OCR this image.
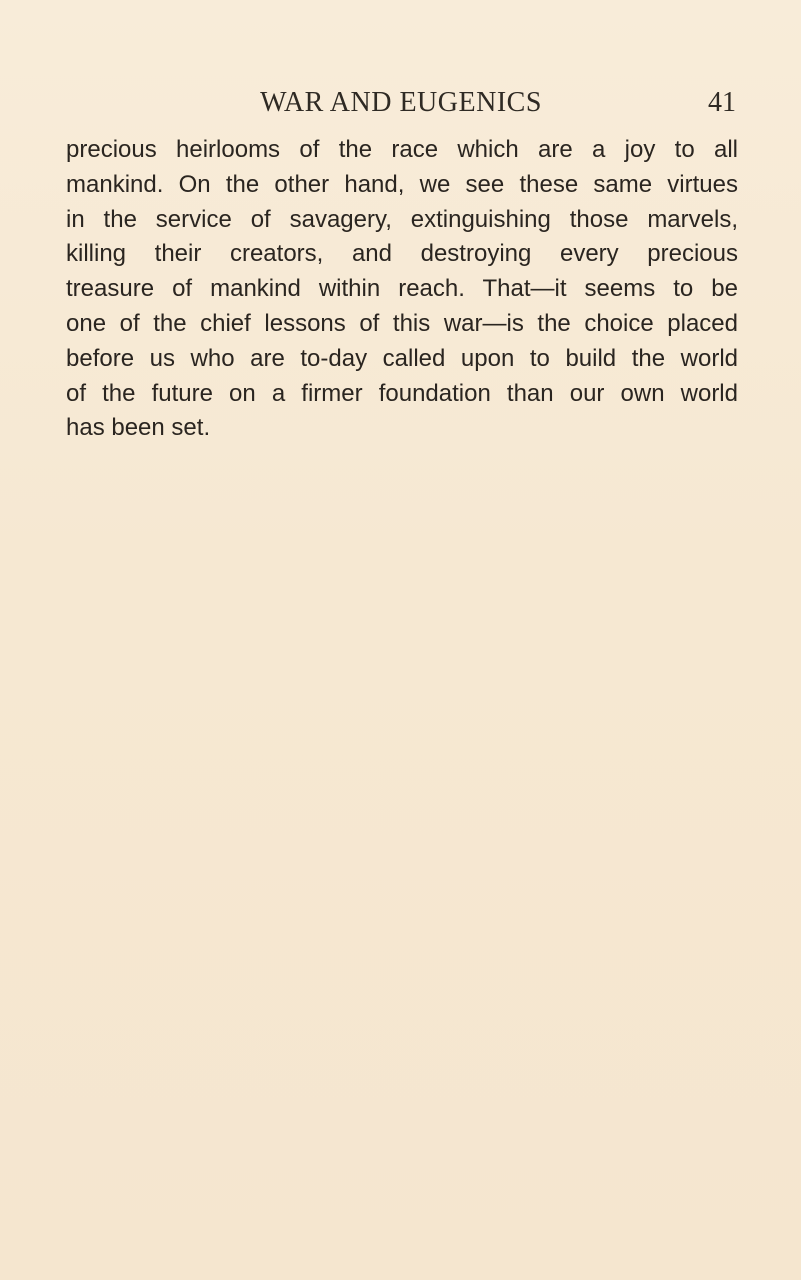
WAR AND EUGENICS	41
precious heirlooms of the race which are a joy to all
mankind. On the other hand, we see these same virtues
in the service of savagery, extinguishing those marvels,
killing their creators, and destroying every precious
treasure of mankind within reach. That—it seems to be
one of the chief lessons of this war—is the choice placed
before us who are to-day called upon to build the world
of the future on a firmer foundation than our own world
has been set.
